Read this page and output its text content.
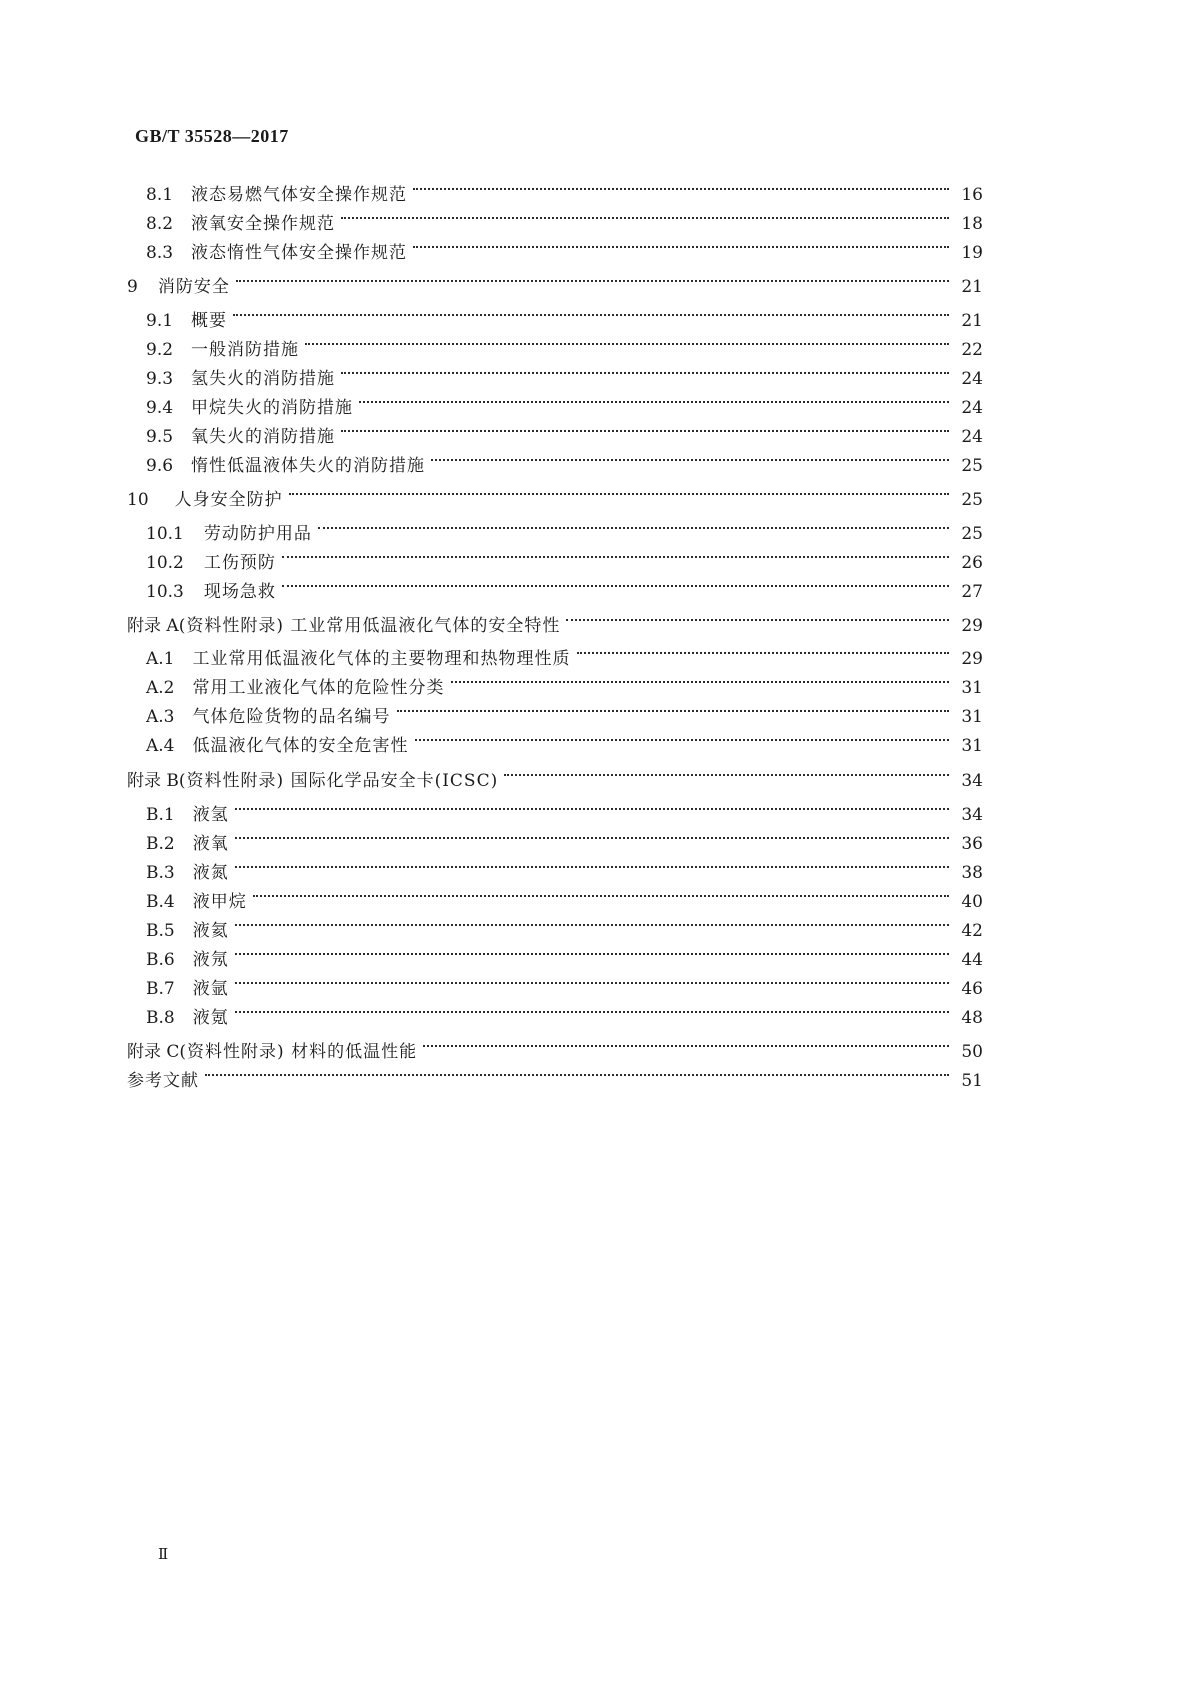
GB/T 35528—2017
8.1 液态易燃气体安全操作规范	16
8.2 液氧安全操作规范	18
8.3 液态惰性气体安全操作规范	19
9 消防安全	21
9.1 概要	21
9.2 一般消防措施	22
9.3 氢失火的消防措施	24
9.4 甲烷失火的消防措施	24
9.5 氧失火的消防措施	24
9.6 惰性低温液体失火的消防措施	25
10 人身安全防护	25
10.1 劳动防护用品	25
10.2 工伤预防	26
10.3 现场急救	27
附录 A (资料性附录) 工业常用低温液化气体的安全特性	29
A.1 工业常用低温液化气体的主要物理和热物理性质	29
A.2 常用工业液化气体的危险性分类	31
A.3 气体危险货物的品名编号	31
A.4 低温液化气体的安全危害性	31
附录 B (资料性附录) 国际化学品安全卡(ICSC)	34
B.1 液氢	34
B.2 液氧	36
B.3 液氮	38
B.4 液甲烷	40
B.5 液氦	42
B.6 液氖	44
B.7 液氩	46
B.8 液氪	48
附录 C (资料性附录) 材料的低温性能	50
参考文献	51
Ⅱ
